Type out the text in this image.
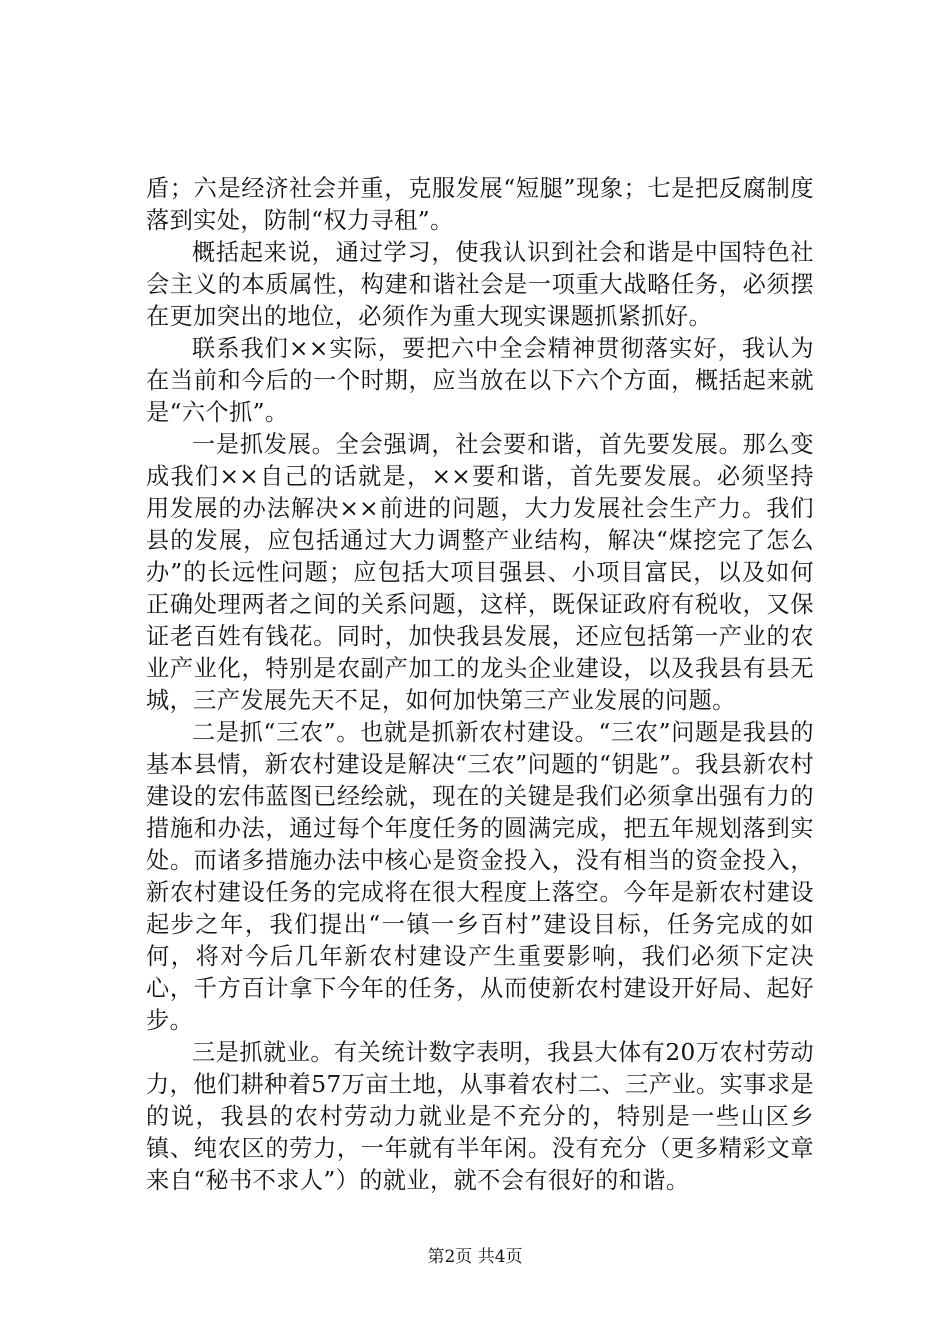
盾；六是经济社会并重，克服发展“短腿”现象；七是把反腐制度落到实处，防制“权力寻租”。

概括起来说，通过学习，使我认识到社会和谐是中国特色社会主义的本质属性，构建和谐社会是一项重大战略任务，必须摆在更加突出的地位，必须作为重大现实课题抓紧抓好。

联系我们××实际，要把六中全会精神贯彻落实好，我认为在当前和今后的一个时期，应当放在以下六个方面，概括起来就是“六个抓”。

一是抓发展。全会强调，社会要和谐，首先要发展。那么变成我们××自己的话就是，××要和谐，首先要发展。必须坚持用发展的办法解决××前进的问题，大力发展社会生产力。我们县的发展，应包括通过大力调整产业结构，解决“煤挖完了怎么办”的长远性问题；应包括大项目强县、小项目富民，以及如何正确处理两者之间的关系问题，这样，既保证政府有税收，又保证老百姓有钱花。同时，加快我县发展，还应包括第一产业的农业产业化，特别是农副产加工的龙头企业建设，以及我县有县无城，三产发展先天不足，如何加快第三产业发展的问题。

二是抓“三农”。也就是抓新农村建设。“三农”问题是我县的基本县情，新农村建设是解决“三农”问题的“钥匙”。我县新农村建设的宏伟蓝图已经绘就，现在的关键是我们必须拿出强有力的措施和办法，通过每个年度任务的圆满完成，把五年规划落到实处。而诸多措施办法中核心是资金投入，没有相当的资金投入，新农村建设任务的完成将在很大程度上落空。今年是新农村建设起步之年，我们提出“一镇一乡百村”建设目标，任务完成的如何，将对今后几年新农村建设产生重要影响，我们必须下定决心，千方百计拿下今年的任务，从而使新农村建设开好局、起好步。

三是抓就业。有关统计数字表明，我县大体有20万农村劳动力，他们耕种着57万亩土地，从事着农村二、三产业。实事求是的说，我县的农村劳动力就业是不充分的，特别是一些山区乡镇、纯农区的劳力，一年就有半年闲。没有充分（更多精彩文章来自“秘书不求人”）的就业，就不会有很好的和谐。

第2页 共4页
